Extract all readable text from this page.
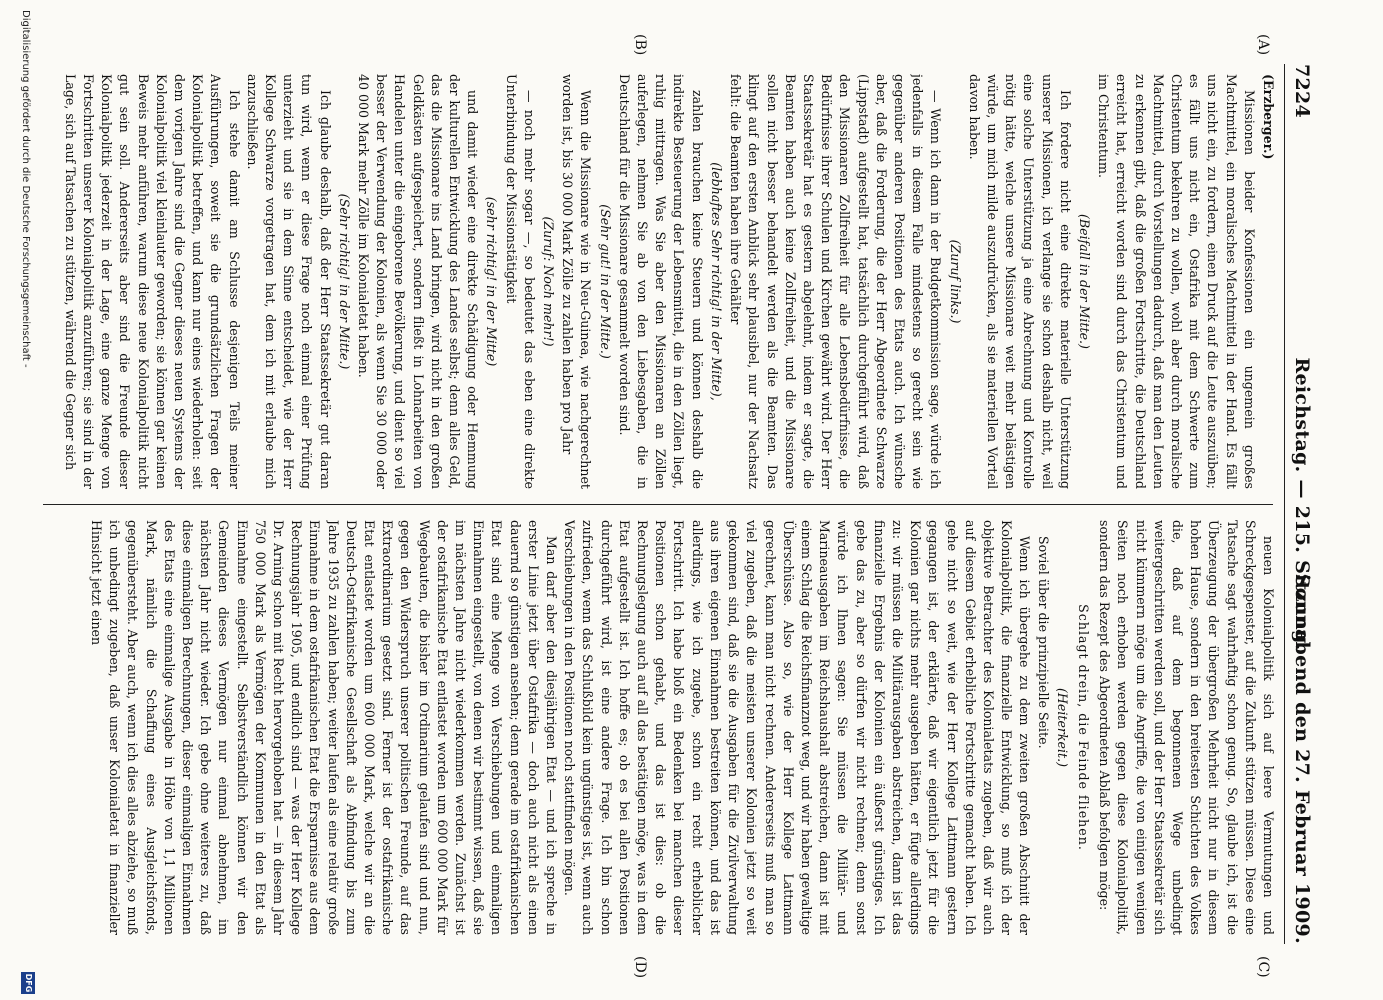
7224
Reichstag. — 215. Sitzung.
Sonnabend den 27. Februar 1909.
(A)
(B)
(C)
(D)

(Erzberger.)

Missionen beider Konfessionen ein ungemein großes Machtmittel, ein moralisches Machtmittel in der Hand. Es fällt uns nicht ein, zu fordern, einen Druck auf die Leute auszuüben; es fällt uns nicht ein, Ostafrika mit dem Schwerte zum Christentum bekehren zu wollen, wohl aber durch moralische Machtmittel, durch Vorstellungen dadurch, daß man den Leuten zu erkennen gibt, daß die großen Fortschritte, die Deutschland erreicht hat, erreicht worden sind durch das Christentum und im Christentum.

(Beifall in der Mitte.)

Ich fordere nicht eine direkte materielle Unterstützung unserer Missionen, ich verlange sie schon deshalb nicht, weil eine solche Unterstützung ja eine Abrechnung und Kontrolle nötig hätte, welche unsere Missionare weit mehr belästigen würde, um mich milde auszudrücken, als sie materiellen Vorteil davon haben.

(Zuruf links.)

— Wenn ich dann in der Budgetkommission sage, würde ich jedenfalls in diesem Falle mindestens so gerecht sein wie gegenüber anderen Positionen des Etats auch. Ich wünsche aber, daß die Forderung, die der Herr Abgeordnete Schwarze (Lippstadt) aufgestellt hat, tatsächlich durchgeführt wird, daß den Missionaren Zollfreiheit für alle Lebensbedürfnisse, die Bedürfnisse ihrer Schulen und Kirchen gewährt wird. Der Herr Staatssekretär hat es gestern abgelehnt, indem er sagte, die Beamten haben auch keine Zollfreiheit, und die Missionare sollen nicht besser behandelt werden als die Beamten. Das klingt auf den ersten Anblick sehr plausibel, nur der Nachsatz fehlt: die Beamten haben ihre Gehälter

(lebhaftes Sehr richtig! in der Mitte),

zahlen brauchen keine Steuern und können deshalb die indirekte Besteuerung der Lebensmittel, die in den Zöllen liegt, ruhig mittragen. Was Sie aber den Missionaren an Zöllen auferlegen, nehmen Sie ab von den Liebesgaben, die in Deutschland für die Missionare gesammelt worden sind.

(Sehr gut! in der Mitte.)

Wenn die Missionare wie in Neu-Guinea, wie nachgerechnet worden ist, bis 30 000 Mark Zölle zu zahlen haben pro Jahr

(Zuruf: Noch mehr!)

— noch mehr sogar —, so bedeutet das eben eine direkte Unterbindung der Missionstätigkeit

(sehr richtig! in der Mitte)

und damit wieder eine direkte Schädigung oder Hemmung der kulturellen Entwicklung des Landes selbst; denn alles Geld, das die Missionare ins Land bringen, wird nicht in den großen Geldkästen aufgespeichert, sondern fließt in Lohnarbeiten von Handelen unter die eingeborene Bevölkerung, und dient so viel besser der Verwendung der Kolonien, als wenn Sie 30 000 oder 40 000 Mark mehr Zölle im Kolonialetat haben.

(Sehr richtig! in der Mitte.)

Ich glaube deshalb, daß der Herr Staatssekretär gut daran tun wird, wenn er diese Frage noch einmal einer Prüfung unterzieht und sie in dem Sinne entscheidet, wie der Herr Kollege Schwarze vorgetragen hat, dem ich mit erlaube mich anzuschließen.

Ich stehe damit am Schlusse desjenigen Teils meiner Ausführungen, soweit sie die grundsätzlichen Fragen der Kolonialpolitik betreffen, und kann nur eines wiederholen: seit dem vorigen Jahre sind die Gegner dieses neuen Systems der Kolonialpolitik viel kleinlauter geworden; sie können gar keinen Beweis mehr anführen, warum diese neue Kolonialpolitik nicht gut sein soll. Andererseits aber sind die Freunde dieser Kolonialpolitik jederzeit in der Lage, eine ganze Menge von Fortschritten unserer Kolonialpolitik anzuführen; sie sind in der Lage, sich auf Tatsachen zu stützen, während die Gegner sich

neuen Kolonialpolitik sich auf leere Vermutungen und Schreckgespenster, auf die Zukunft stützen müssen. Diese eine Tatsache sagt wahrhaftig schon genug. So, glaube ich, ist die Überzeugung der übergroßen Mehrheit nicht nur in diesem hohen Hause, sondern in den breitesten Schichten des Volkes die, daß auf dem begonnenen Wege unbedingt weitergeschritten werden soll, und der Herr Staatssekretär sich nicht kümmern möge um die Angriffe, die von einigen wenigen Seiten noch erhoben werden gegen diese Kolonialpolitik, sondern das Rezept des Abgeordneten Ablaß befolgen möge:

Schlagt drein, die Feinde fliehen.

(Heiterkeit.)

Soviel über die prinzipielle Seite.

Wenn ich übergehe zu dem zweiten großen Abschnitt der Kolonialpolitik, die finanzielle Entwicklung, so muß ich der objektive Betrachter des Kolonialetats zugeben, daß wir auch auf diesem Gebiet erhebliche Fortschritte gemacht haben. Ich gehe nicht so weit, wie der Herr Kollege Lattmann gestern gegangen ist, der erklärte, daß wir eigentlich jetzt für die Kolonien gar nichts mehr ausgeben hätten, er fügte allerdings zu: wir müssen die Militärausgaben abstreichen, dann ist das finanzielle Ergebnis der Kolonien ein äußerst günstiges. Ich gebe das zu, aber so dürfen wir nicht rechnen; denn sonst würde ich Ihnen sagen: Sie müssen die Militär- und Marineausgaben im Reichshaushalt abstreichen, dann ist mit einem Schlag die Reichsfinanznot weg, und wir haben gewaltige Überschüsse. Also so, wie der Herr Kollege Lattmann gerechnet, kann man nicht rechnen. Andererseits muß man so viel zugeben, daß die meisten unserer Kolonien jetzt so weit gekommen sind, daß sie die Ausgaben für die Zivilverwaltung aus ihren eigenen Einnahmen bestreiten können, und das ist allerdings, wie ich zugebe, schon ein recht erheblicher Fortschritt. Ich habe bloß ein Bedenken bei manchen dieser Positionen schon gehabt, und das ist dies: ob die Rechnungslegung auch auf all das bestätigen möge, was in dem Etat aufgestellt ist. Ich hoffe es; ob es bei allen Positionen durchgeführt wird, ist eine andere Frage. Ich bin schon zufrieden, wenn das Schlußbild kein ungünstiges ist, wenn auch Verschiebungen in den Positionen noch stattfinden mögen.

Man darf aber den diesjährigen Etat — und ich spreche in erster Linie jetzt über Ostafrika — doch auch nicht als einen dauernd so günstigen ansehen; denn gerade im ostafrikanischen Etat sind eine Menge von Verschiebungen und einmaligen Einnahmen eingestellt, von denen wir bestimmt wissen, daß sie im nächsten Jahre nicht wiederkommen werden. Zunächst ist der ostafrikanische Etat entlastet worden um 600 000 Mark für Wegebauten, die bisher im Ordinarium gelaufen sind und nun, gegen den Widerspruch unserer politischen Freunde, auf das Extraordinarium gesetzt sind. Ferner ist der ostafrikanische Etat entlastet worden um 600 000 Mark, welche wir an die Deutsch-Ostafrikanische Gesellschaft als Abfindung bis zum Jahre 1935 zu zahlen haben; weiter laufen als eine relativ große Einnahme in dem ostafrikanischen Etat die Ersparnisse aus dem Rechnungsjahr 1905, und endlich sind — was der Herr Kollege Dr. Arning schon mit Recht hervorgehoben hat — in diesem Jahr 750 000 Mark als Vermögen der Kommunen in den Etat als Einnahme eingestellt. Selbstverständlich können wir den Gemeinden dieses Vermögen nur einmal abnehmen, im nächsten Jahr nicht wieder. Ich gebe ohne weiteres zu, daß diese einmaligen Berechnungen, dieser einmaligen Einnahmen des Etats eine einmalige Ausgabe in Höhe von 1,1 Millionen Mark, nämlich die Schaffung eines Ausgleichsfonds, gegenübersteht. Aber auch, wenn ich dies alles abziehe, so muß ich unbedingt zugeben, daß unser Kolonialetat in finanzieller Hinsicht jetzt einen

Digitalisierung gefördert durch die Deutsche Forschungsgemeinschaft -
DFG
